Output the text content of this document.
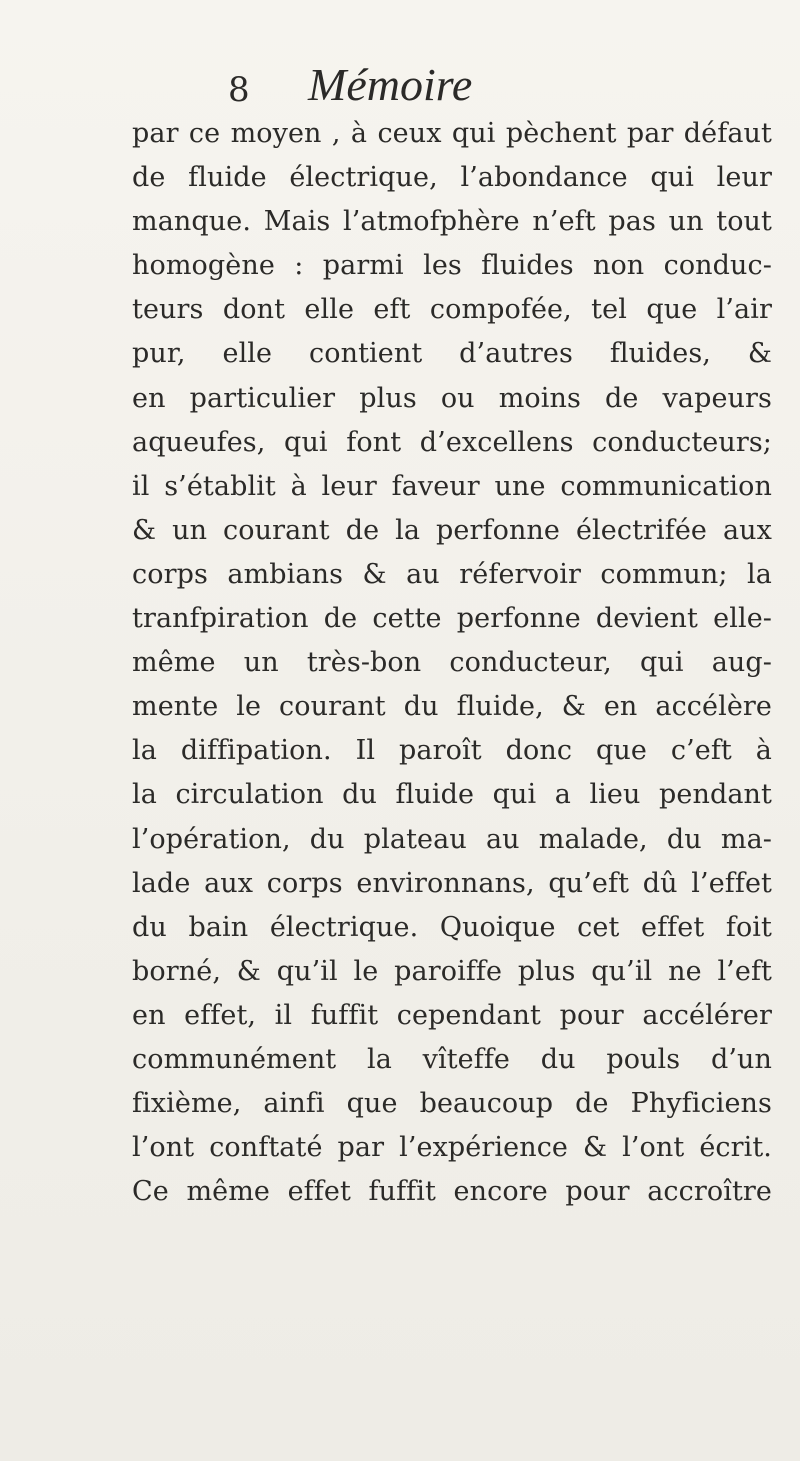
8 Mémoire
par ce moyen , à ceux qui pèchent par défaut
de fluide électrique, l’abondance qui leur
manque. Mais l’atmofphère n’eft pas un tout
homogène : parmi les fluides non conduc-
teurs dont elle eft compofée, tel que l’air
pur, elle contient d’autres fluides, &
en particulier plus ou moins de vapeurs
aqueufes, qui font d’excellens conducteurs;
il s’établit à leur faveur une communication
& un courant de la perfonne électrifée aux
corps ambians & au réfervoir commun; la
tranfpiration de cette perfonne devient elle-
même un très-bon conducteur, qui aug-
mente le courant du fluide, & en accélère
la diffipation. Il paroît donc que c’eft à
la circulation du fluide qui a lieu pendant
l’opération, du plateau au malade, du ma-
lade aux corps environnans, qu’eft dû l’effet
du bain électrique. Quoique cet effet foit
borné, & qu’il le paroiffe plus qu’il ne l’eft
en effet, il fuffit cependant pour accélérer
communément la vîteffe du pouls d’un
fixième, ainfi que beaucoup de Phyficiens
l’ont conftaté par l’expérience & l’ont écrit.
Ce même effet fuffit encore pour accroître
